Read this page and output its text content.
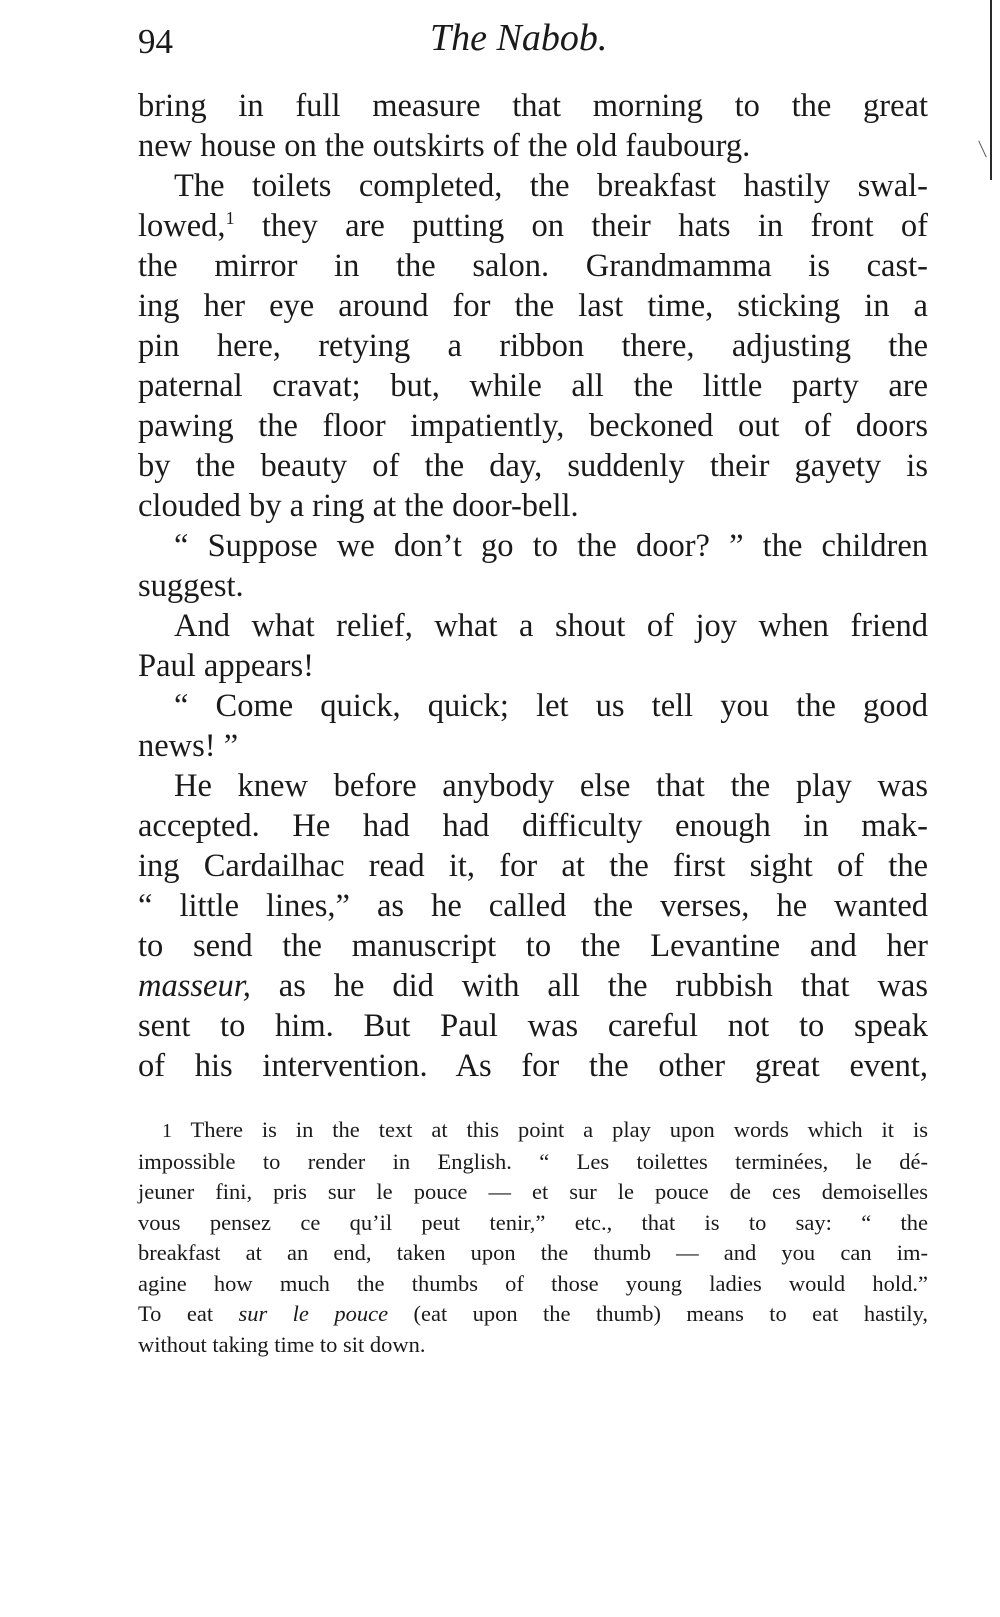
94	The Nabob.

bring in full measure that morning to the great
new house on the outskirts of the old faubourg.

The toilets completed, the breakfast hastily swal-
lowed,$^1$ they are putting on their hats in front of
the mirror in the salon. Grandmamma is cast-
ing her eye around for the last time, sticking in a
pin here, retying a ribbon there, adjusting the
paternal cravat; but, while all the little party are
pawing the floor impatiently, beckoned out of doors
by the beauty of the day, suddenly their gayety is
clouded by a ring at the door-bell.

“ Suppose we don’t go to the door? ” the children
suggest.

And what relief, what a shout of joy when friend
Paul appears!

“ Come quick, quick; let us tell you the good
news! ”

He knew before anybody else that the play was
accepted. He had had difficulty enough in mak-
ing Cardailhac read it, for at the first sight of the
“ little lines,” as he called the verses, he wanted
to send the manuscript to the Levantine and her
masseur, as he did with all the rubbish that was
sent to him. But Paul was careful not to speak
of his intervention. As for the other great event,

1 There is in the text at this point a play upon words which it is
impossible to render in English. “ Les toilettes terminées, le dé-
jeuner fini, pris sur le pouce — et sur le pouce de ces demoiselles
vous pensez ce qu’il peut tenir,” etc., that is to say: “ the
breakfast at an end, taken upon the thumb — and you can im-
agine how much the thumbs of those young ladies would hold.”
To eat sur le pouce (eat upon the thumb) means to eat hastily,
without taking time to sit down.
